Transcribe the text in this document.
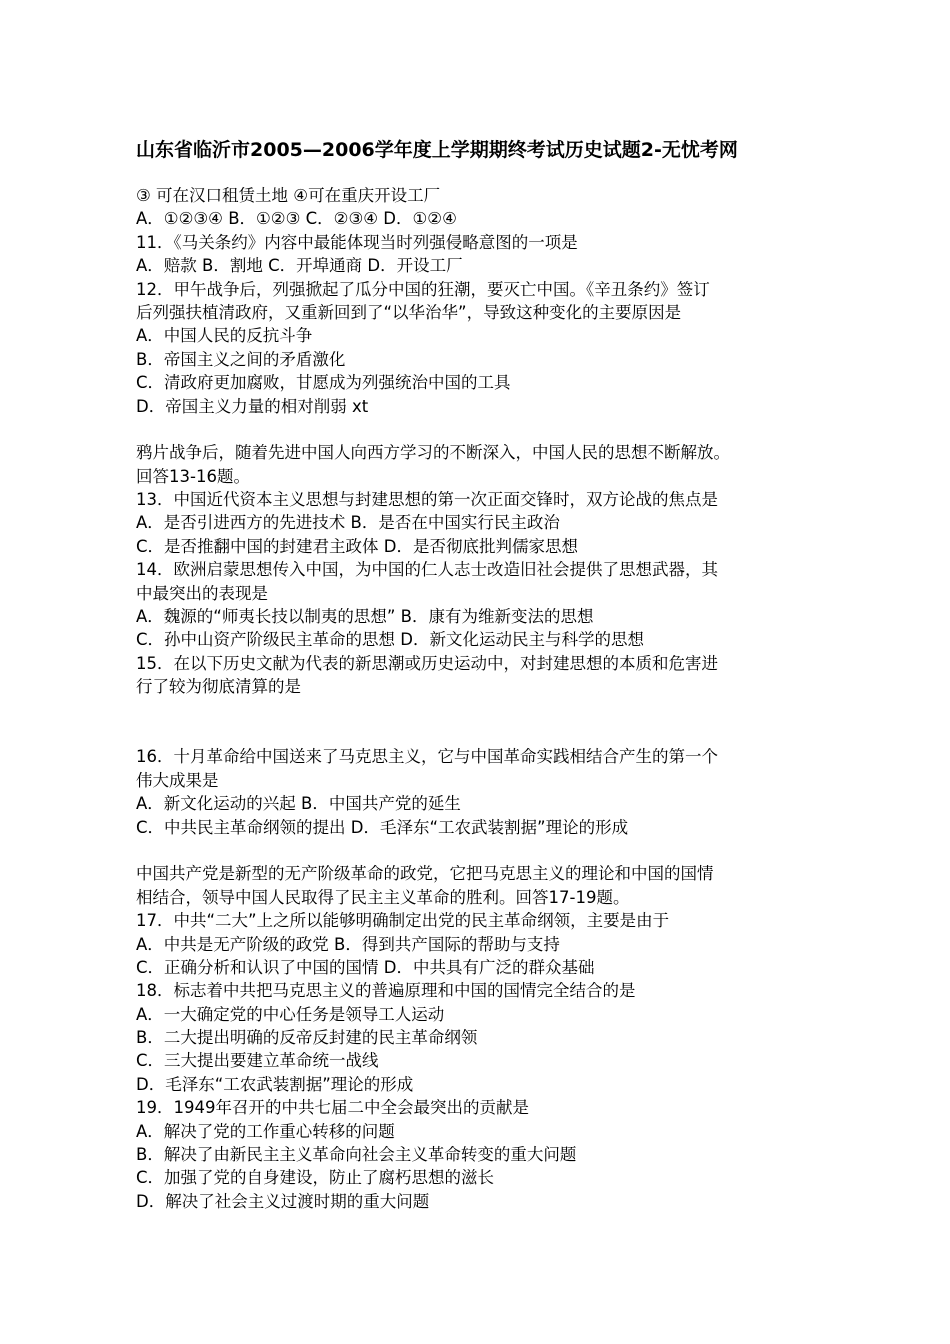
山东省临沂市2005—2006学年度上学期期终考试历史试题2-无忧考网
③ 可在汉口租赁土地 ④可在重庆开设工厂
A．①②③④ B．①②③ C．②③④ D．①②④
11．《马关条约》内容中最能体现当时列强侵略意图的一项是
A．赔款 B．割地 C．开埠通商 D．开设工厂
12．甲午战争后，列强掀起了瓜分中国的狂潮，要灭亡中国。《辛丑条约》签订
后列强扶植清政府，又重新回到了“以华治华”，导致这种变化的主要原因是
A．中国人民的反抗斗争
B．帝国主义之间的矛盾激化
C．清政府更加腐败，甘愿成为列强统治中国的工具
D．帝国主义力量的相对削弱 xt
鸦片战争后，随着先进中国人向西方学习的不断深入，中国人民的思想不断解放。
回答13-16题。
13．中国近代资本主义思想与封建思想的第一次正面交锋时，双方论战的焦点是
A．是否引进西方的先进技术 B．是否在中国实行民主政治
C．是否推翻中国的封建君主政体 D．是否彻底批判儒家思想
14．欧洲启蒙思想传入中国，为中国的仁人志士改造旧社会提供了思想武器，其
中最突出的表现是
A．魏源的“师夷长技以制夷的思想” B．康有为维新变法的思想
C．孙中山资产阶级民主革命的思想 D．新文化运动民主与科学的思想
15．在以下历史文献为代表的新思潮或历史运动中，对封建思想的本质和危害进
行了较为彻底清算的是
16．十月革命给中国送来了马克思主义，它与中国革命实践相结合产生的第一个
伟大成果是
A．新文化运动的兴起 B．中国共产党的延生
C．中共民主革命纲领的提出 D．毛泽东“工农武装割据”理论的形成
中国共产党是新型的无产阶级革命的政党，它把马克思主义的理论和中国的国情
相结合，领导中国人民取得了民主主义革命的胜利。回答17-19题。
17．中共“二大”上之所以能够明确制定出党的民主革命纲领，主要是由于
A．中共是无产阶级的政党 B．得到共产国际的帮助与支持
C．正确分析和认识了中国的国情 D．中共具有广泛的群众基础
18．标志着中共把马克思主义的普遍原理和中国的国情完全结合的是
A．一大确定党的中心任务是领导工人运动
B．二大提出明确的反帝反封建的民主革命纲领
C．三大提出要建立革命统一战线
D．毛泽东“工农武装割据”理论的形成
19．1949年召开的中共七届二中全会最突出的贡献是
A．解决了党的工作重心转移的问题
B．解决了由新民主主义革命向社会主义革命转变的重大问题
C．加强了党的自身建设，防止了腐朽思想的滋长
D．解决了社会主义过渡时期的重大问题
